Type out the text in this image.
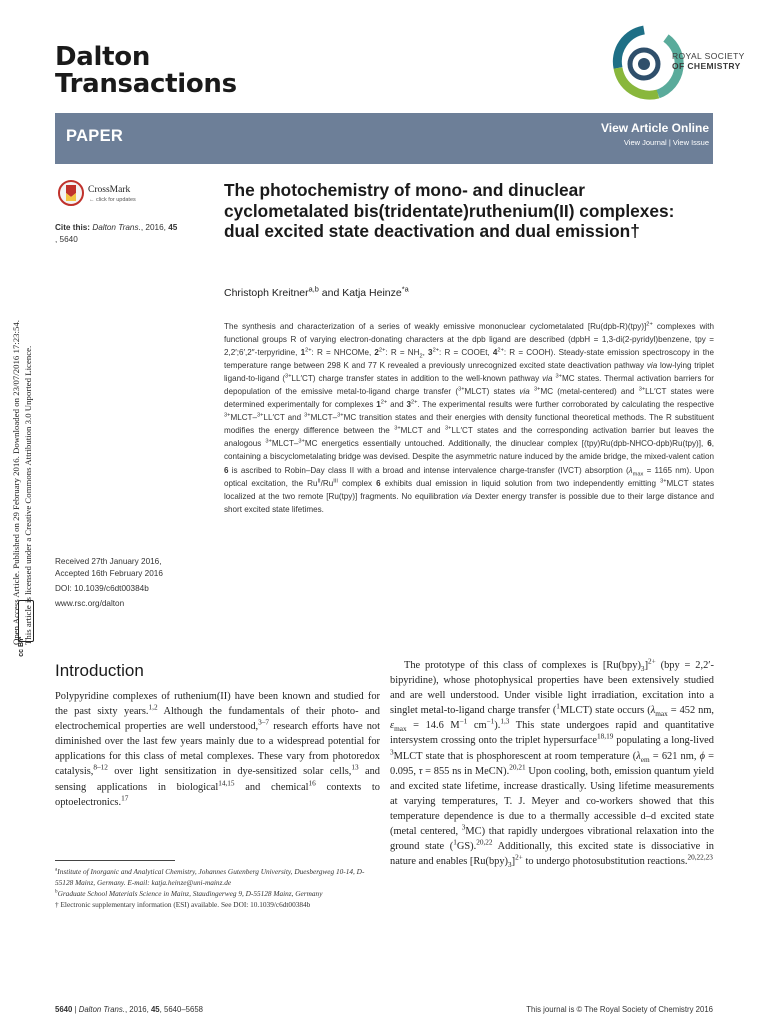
Dalton
Transactions
ROYAL SOCIETY
OF CHEMISTRY
PAPER	View Article Online
View Journal | View Issue
Open Access Article. Published on 29 February 2016. Downloaded on 23/07/2016 17:23:54. This article is licensed under a Creative Commons Attribution 3.0 Unported Licence.
cc BY
CrossMark
← click for updates
Cite this: Dalton Trans., 2016, 45
, 5640
The photochemistry of mono- and dinuclear cyclometalated bis(tridentate)ruthenium(II) complexes: dual excited state deactivation and dual emission†
Christoph Kreitner$^{a,b}$ and Katja Heinze$^{*a}$
The synthesis and characterization of a series of weakly emissive mononuclear cyclometalated $[Ru(dpb-R)(tpy)]^{2+}$ complexes with functional groups R of varying electron-donating characters at the dpb ligand are described (dpbH = 1,3-di(2-pyridyl)benzene, tpy = 2,2′;6′,2″-terpyridine, $1^{2+}$: R = NHCOMe, $2^{2+}$: $R = NH_2$, $3^{2+}$: R = COOEt, $4^{2+}$: R = COOH). Steady-state emission spectroscopy in the temperature range between 298 K and 77 K revealed a previously unrecognized excited state deactivation pathway via low-lying triplet ligand-to-ligand ($^{3+}$LL′CT) charge transfer states in addition to the well-known pathway via $^{3+}$MC states. Thermal activation barriers for depopulation of the emissive metal-to-ligand charge transfer ($^{3+}$MLCT) states via $^{3+}$MC (metal-centered) and $^{3+}$LL′CT states were determined experimentally for complexes $1^{2+}$ and $3^{2+}$. The experimental results were further corroborated by calculating the respective $^{3+}$MLCT–$^{3+}$LL′CT and $^{3+}$MLCT–$^{3+}$MC transition states and their energies with density functional theoretical methods. The R substituent modifies the energy difference between the $^{3+}$MLCT and $^{3+}$LL′CT states and the corresponding activation barrier but leaves the analogous $^{3+}$MLCT–$^{3+}$MC energetics essentially untouched. Additionally, the dinuclear complex [(tpy)Ru(dpb-NHCO-dpb)Ru(tpy)], 6, containing a biscyclometalating bridge was devised. Despite the asymmetric nature induced by the amide bridge, the mixed-valent cation 6 is ascribed to Robin–Day class II with a broad and intense intervalence charge-transfer (IVCT) absorption ($\lambda_{max} = 1165$ nm). Upon optical excitation, the $Ru^{II}/Ru^{III}$ complex 6 exhibits dual emission in liquid solution from two independently emitting $^{3+}$MLCT states localized at the two remote [Ru(tpy)] fragments. No equilibration via Dexter energy transfer is possible due to their large distance and short excited state lifetimes.
Received 27th January 2016,
Accepted 16th February 2016
DOI: 10.1039/c6dt00384b
www.rsc.org/dalton
Introduction
Polypyridine complexes of ruthenium(II) have been known and studied for the past sixty years.$^{1,2}$ Although the fundamentals of their photo- and electrochemical properties are well understood,$^{3-7}$ research efforts have not diminished over the last few years mainly due to a widespread potential for applications for this class of metal complexes. These vary from photoredox catalysis,$^{8-12}$ over light sensitization in dye-sensitized solar cells,$^{13}$ and sensing applications in biological$^{14,15}$ and chemical$^{16}$ contexts to optoelectronics.$^{17}$
The prototype of this class of complexes is $[Ru(bpy)_3]^{2+}$ (bpy = 2,2′-bipyridine), whose photophysical properties have been extensively studied and are well understood. Under visible light irradiation, excitation into a singlet metal-to-ligand charge transfer ($^1$MLCT) state occurs ($\lambda_{max} = 452$ nm, $\varepsilon_{max} = 14.6$ $M^{-1}$ $cm^{-1}).^{1,3}$ This state undergoes rapid and quantitative intersystem crossing onto the triplet hypersurface$^{18,19}$ populating a long-lived $^3$MLCT state that is phosphorescent at room temperature ($\lambda_{em} = 621$ nm, ϕ = 0.095, τ = 855 ns in MeCN).$^{20,21}$ Upon cooling, both, emission quantum yield and excited state lifetime, increase drastically. Using lifetime measurements at varying temperatures, T. J. Meyer and co-workers showed that this temperature dependence is due to a thermally accessible d–d excited state (metal centered, $^3$MC) that rapidly undergoes vibrational relaxation into the ground state ($^1$GS).$^{20,22}$ Additionally, this excited state is dissociative in nature and enables $[Ru(bpy)_3]^{2+}$ to undergo photosubstitution reactions.$^{20,22,23}$
$^a$Institute of Inorganic and Analytical Chemistry, Johannes Gutenberg University, Duesbergweg 10-14, D-55128 Mainz, Germany. E-mail: katja.heinze@uni-mainz.de
$^b$Graduate School Materials Science in Mainz, Staudingerweg 9, D-55128 Mainz, Germany
† Electronic supplementary information (ESI) available. See DOI: 10.1039/c6dt00384b
5640 | Dalton Trans., 2016, 45, 5640–5658	This journal is © The Royal Society of Chemistry 2016
